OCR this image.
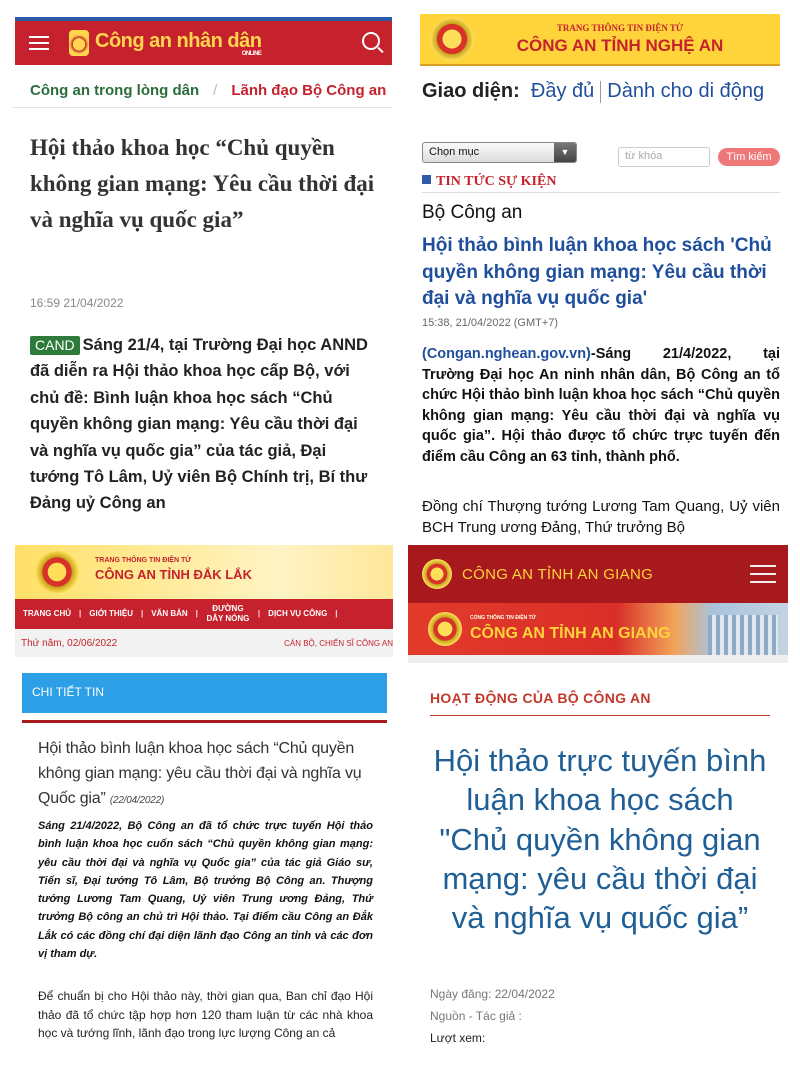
Công an nhân dân
ONLINE
Công an trong lòng dân / Lãnh đạo Bộ Công an
Hội thảo khoa học “Chủ quyền không gian mạng: Yêu cầu thời đại và nghĩa vụ quốc gia”
16:59 21/04/2022
CAND Sáng 21/4, tại Trường Đại học ANND đã diễn ra Hội thảo khoa học cấp Bộ, với chủ đề: Bình luận khoa học sách “Chủ quyền không gian mạng: Yêu cầu thời đại và nghĩa vụ quốc gia” của tác giả, Đại tướng Tô Lâm, Uỷ viên Bộ Chính trị, Bí thư Đảng uỷ Công an
TRANG THÔNG TIN ĐIỆN TỬ
CÔNG AN TỈNH NGHỆ AN
Giao diện: Đầy đủ Dành cho di động
Chọn mục	▼	từ khóa	Tìm kiếm
TIN TỨC SỰ KIỆN
Bộ Công an
Hội thảo bình luận khoa học sách 'Chủ quyền không gian mạng: Yêu cầu thời đại và nghĩa vụ quốc gia'
15:38, 21/04/2022 (GMT+7)
(Congan.nghean.gov.vn)-Sáng 21/4/2022, tại Trường Đại học An ninh nhân dân, Bộ Công an tổ chức Hội thảo bình luận khoa học sách “Chủ quyền không gian mạng: Yêu cầu thời đại và nghĩa vụ quốc gia”. Hội thảo được tổ chức trực tuyến đến điểm cầu Công an 63 tỉnh, thành phố.
Đồng chí Thượng tướng Lương Tam Quang, Uỷ viên BCH Trung ương Đảng, Thứ trưởng Bộ
TRANG THÔNG TIN ĐIỆN TỬ
CÔNG AN TỈNH ĐẮK LẮK
TRANG CHỦ	|	GIỚI THIỆU	|	VĂN BẢN	|
ĐƯỜNG DÂY NÓNG
|	DỊCH VỤ CÔNG	|
Thứ năm, 02/06/2022	CÁN BỘ, CHIẾN SĨ CÔNG AN
CHI TIẾT TIN
Hội thảo bình luận khoa học sách “Chủ quyền không gian mạng: yêu cầu thời đại và nghĩa vụ Quốc gia” (22/04/2022)
Sáng 21/4/2022, Bộ Công an đã tổ chức trực tuyến Hội thảo bình luận khoa học cuốn sách “Chủ quyền không gian mạng: yêu cầu thời đại và nghĩa vụ Quốc gia” của tác giả Giáo sư, Tiến sĩ, Đại tướng Tô Lâm, Bộ trưởng Bộ Công an. Thượng tướng Lương Tam Quang, Uỷ viên Trung ương Đảng, Thứ trưởng Bộ công an chủ trì Hội thảo. Tại điểm cầu Công an Đắk Lắk có các đồng chí đại diện lãnh đạo Công an tỉnh và các đơn vị tham dự.
Để chuẩn bị cho Hội thảo này, thời gian qua, Ban chỉ đạo Hội thảo đã tổ chức tập hợp hơn 120 tham luận từ các nhà khoa học và tướng lĩnh, lãnh đạo trong lực lượng Công an cả
CÔNG AN TỈNH AN GIANG
CỔNG THÔNG TIN ĐIỆN TỬ
CÔNG AN TỈNH AN GIANG
HOẠT ĐỘNG CỦA BỘ CÔNG AN
Hội thảo trực tuyến bình luận khoa học sách "Chủ quyền không gian mạng: yêu cầu thời đại và nghĩa vụ quốc gia”
Ngày đăng: 22/04/2022
Nguồn - Tác giả :
Lượt xem:
